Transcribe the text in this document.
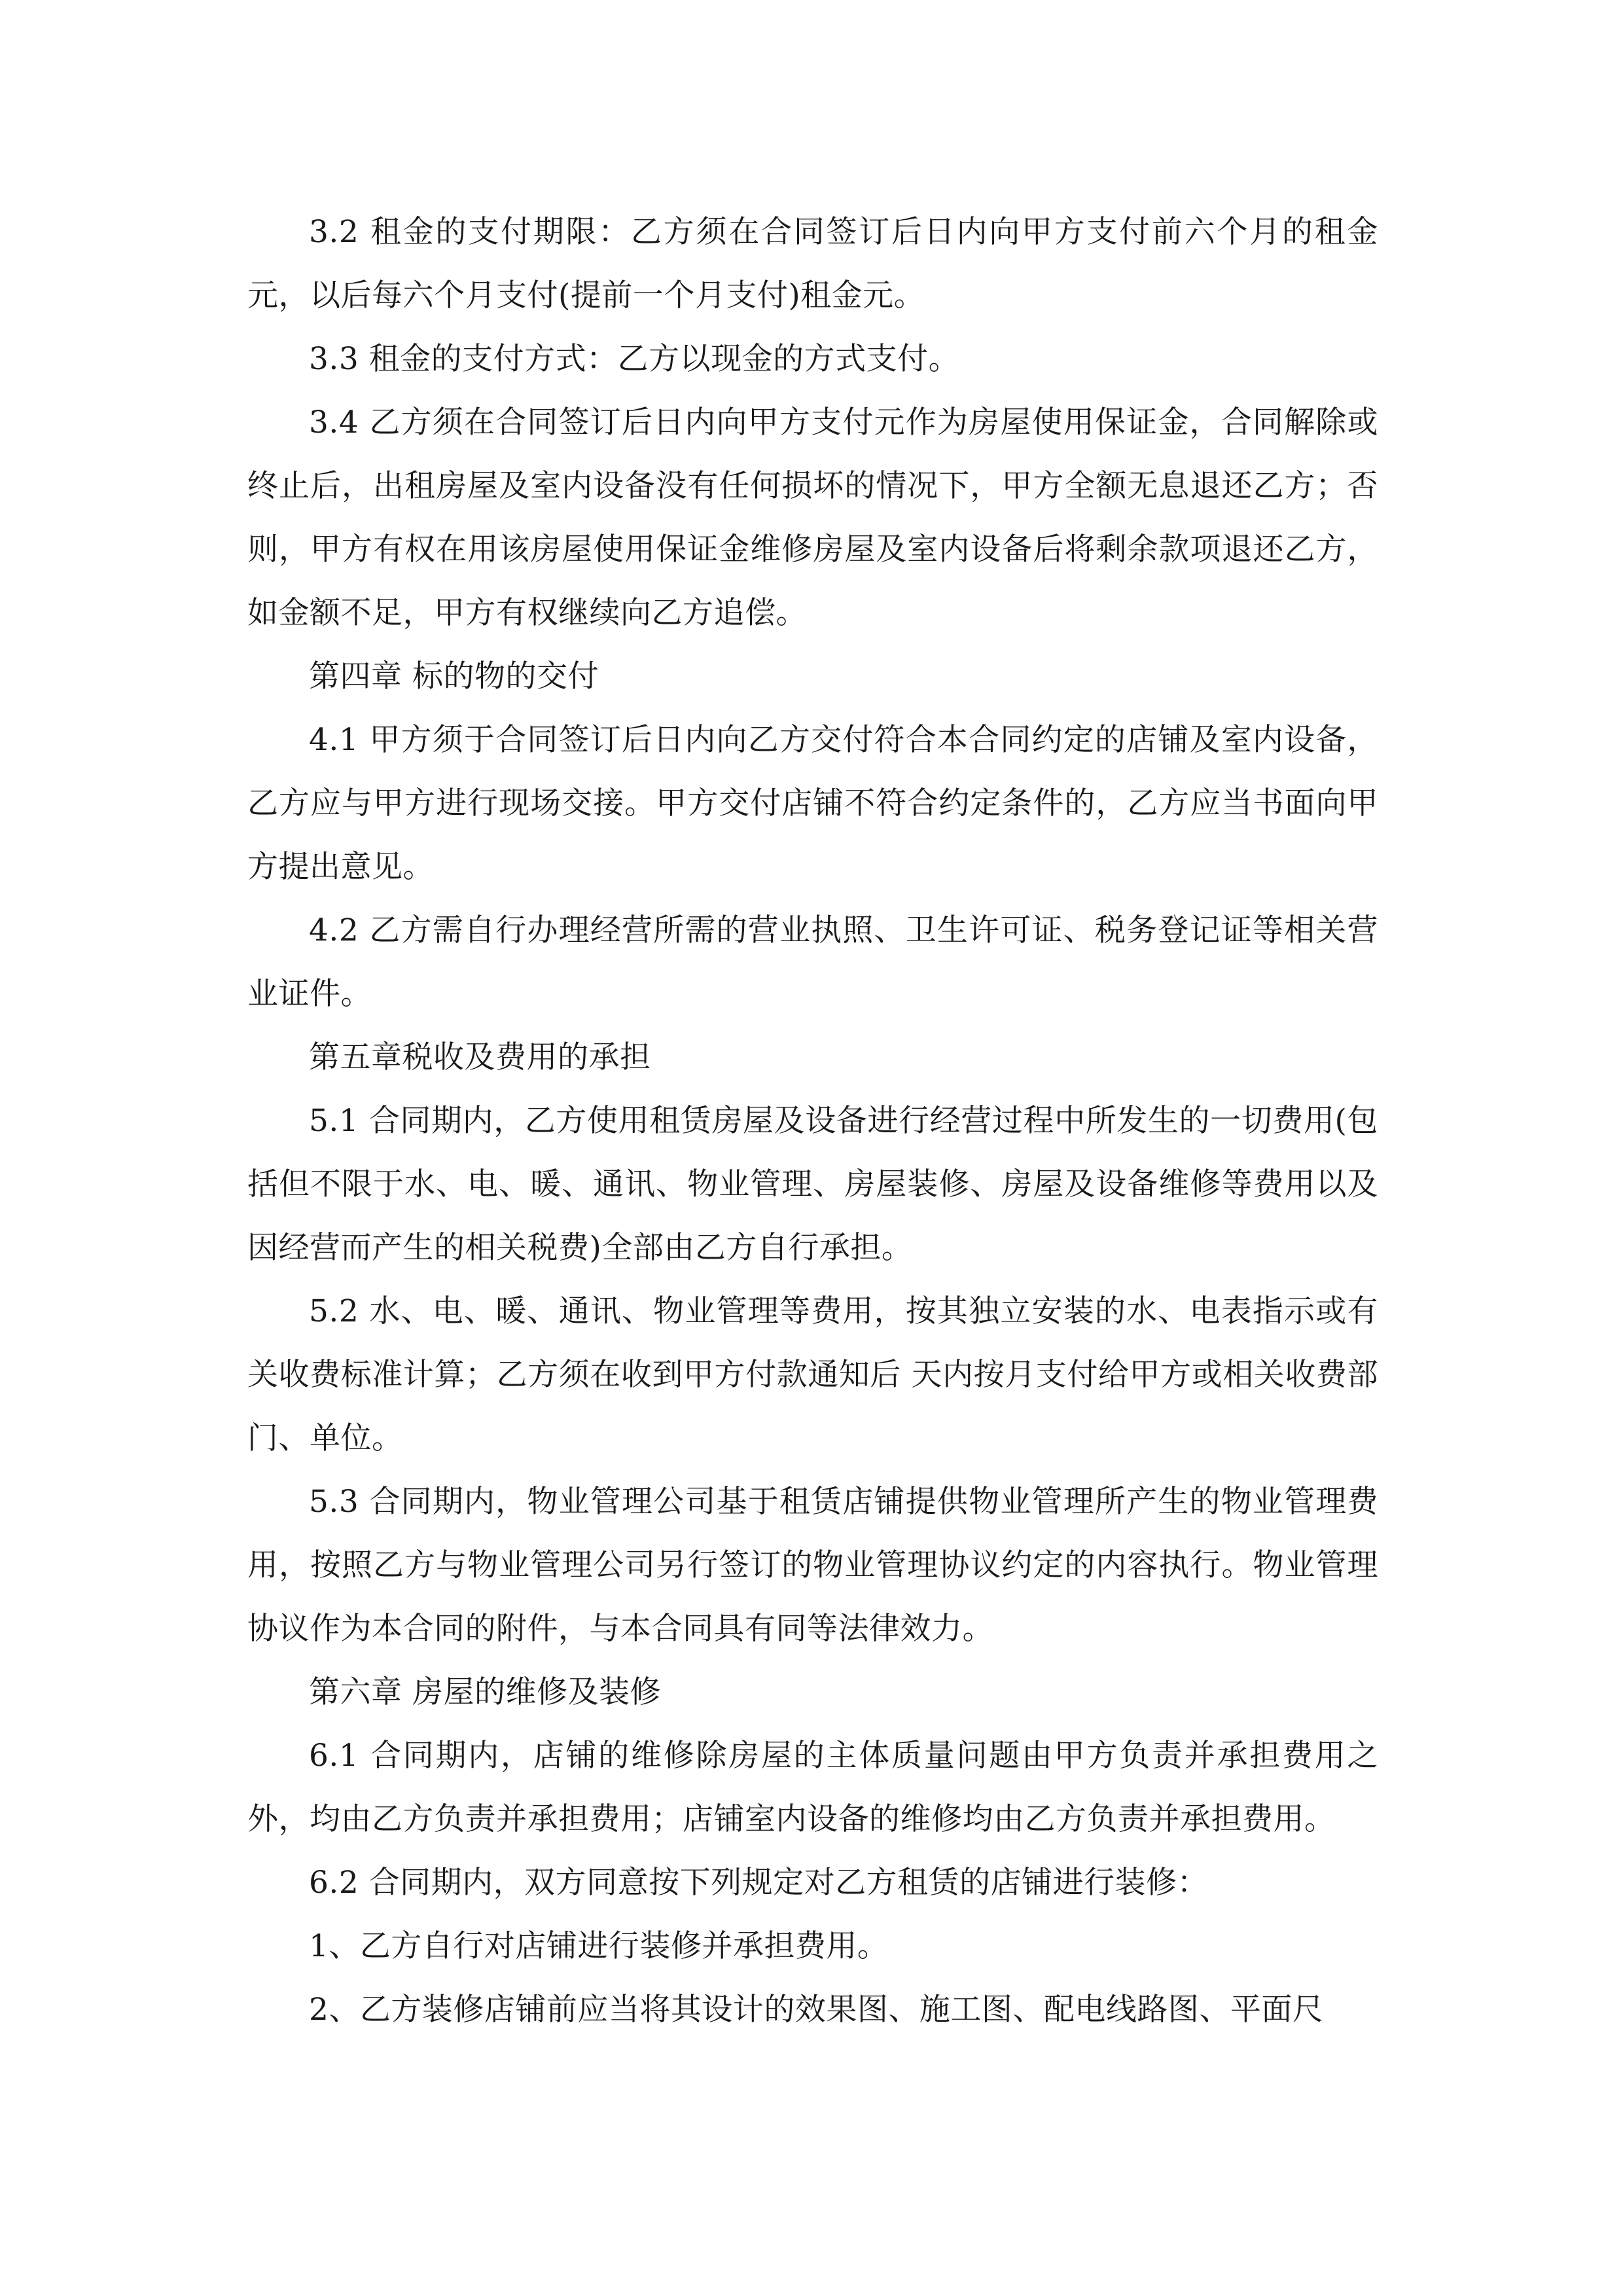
3.2 租金的支付期限：乙方须在合同签订后日内向甲方支付前六个月的租金元，以后每六个月支付(提前一个月支付)租金元。

3.3 租金的支付方式：乙方以现金的方式支付。

3.4 乙方须在合同签订后日内向甲方支付元作为房屋使用保证金，合同解除或终止后，出租房屋及室内设备没有任何损坏的情况下，甲方全额无息退还乙方；否则，甲方有权在用该房屋使用保证金维修房屋及室内设备后将剩余款项退还乙方，如金额不足，甲方有权继续向乙方追偿。

第四章 标的物的交付

4.1 甲方须于合同签订后日内向乙方交付符合本合同约定的店铺及室内设备，乙方应与甲方进行现场交接。甲方交付店铺不符合约定条件的，乙方应当书面向甲方提出意见。

4.2 乙方需自行办理经营所需的营业执照、卫生许可证、税务登记证等相关营业证件。

第五章税收及费用的承担

5.1 合同期内，乙方使用租赁房屋及设备进行经营过程中所发生的一切费用(包括但不限于水、电、暖、通讯、物业管理、房屋装修、房屋及设备维修等费用以及因经营而产生的相关税费)全部由乙方自行承担。

5.2 水、电、暖、通讯、物业管理等费用，按其独立安装的水、电表指示或有关收费标准计算；乙方须在收到甲方付款通知后 天内按月支付给甲方或相关收费部门、单位。

5.3 合同期内，物业管理公司基于租赁店铺提供物业管理所产生的物业管理费用，按照乙方与物业管理公司另行签订的物业管理协议约定的内容执行。物业管理协议作为本合同的附件，与本合同具有同等法律效力。

第六章 房屋的维修及装修

6.1 合同期内，店铺的维修除房屋的主体质量问题由甲方负责并承担费用之外，均由乙方负责并承担费用；店铺室内设备的维修均由乙方负责并承担费用。

6.2 合同期内，双方同意按下列规定对乙方租赁的店铺进行装修：

1、乙方自行对店铺进行装修并承担费用。

2、乙方装修店铺前应当将其设计的效果图、施工图、配电线路图、平面尺
